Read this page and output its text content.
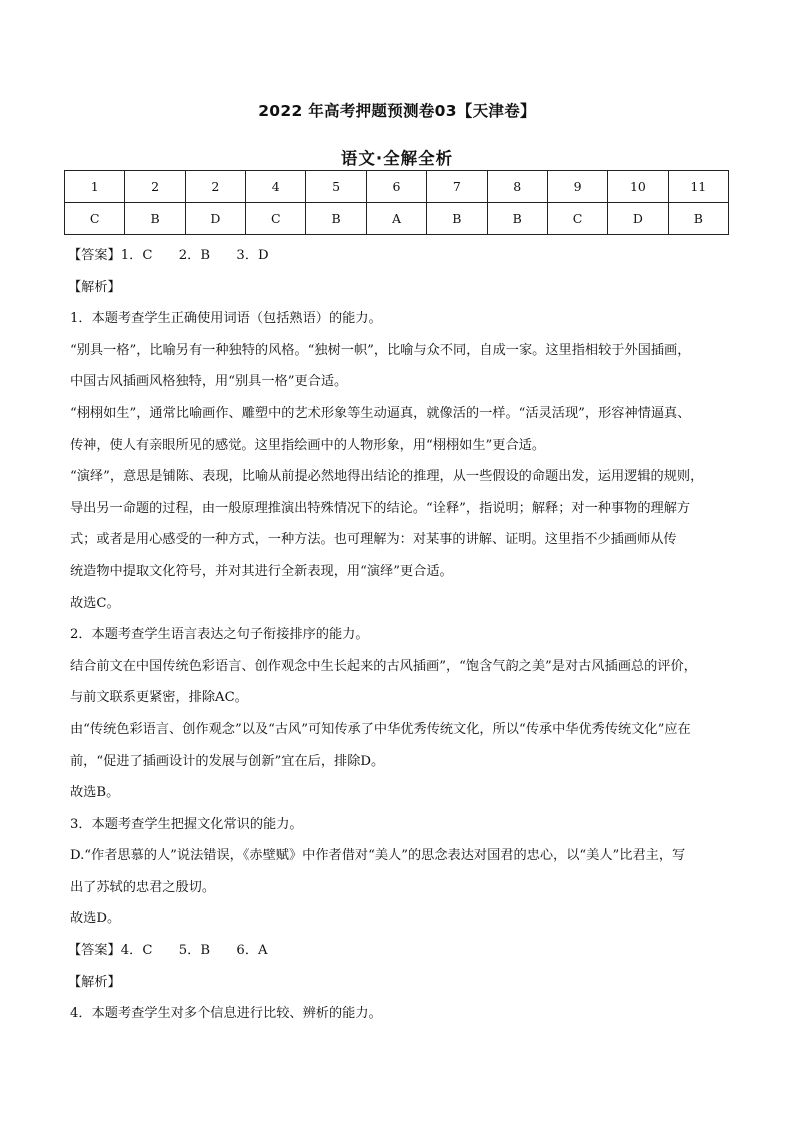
2022 年高考押题预测卷03【天津卷】
语文·全解全析
1	2	2	4	5	6	7	8	9	10	11
C	B	D	C	B	A	B	B	C	D	B
【答案】1．C　　2．B　　3．D
【解析】
1．本题考查学生正确使用词语（包括熟语）的能力。
“别具一格”，比喻另有一种独特的风格。“独树一帜”，比喻与众不同，自成一家。这里指相较于外国插画，
中国古风插画风格独特，用“别具一格”更合适。
“栩栩如生”，通常比喻画作、雕塑中的艺术形象等生动逼真，就像活的一样。“活灵活现”，形容神情逼真、
传神，使人有亲眼所见的感觉。这里指绘画中的人物形象，用“栩栩如生”更合适。
“演绎”，意思是铺陈、表现，比喻从前提必然地得出结论的推理，从一些假设的命题出发，运用逻辑的规则，
导出另一命题的过程，由一般原理推演出特殊情况下的结论。“诠释”，指说明；解释；对一种事物的理解方
式；或者是用心感受的一种方式，一种方法。也可理解为：对某事的讲解、证明。这里指不少插画师从传
统造物中提取文化符号，并对其进行全新表现，用“演绎”更合适。
故选C。
2．本题考查学生语言表达之句子衔接排序的能力。
结合前文在中国传统色彩语言、创作观念中生长起来的古风插画”，“饱含气韵之美”是对古风插画总的评价，
与前文联系更紧密，排除AC。
由“传统色彩语言、创作观念”以及“古风”可知传承了中华优秀传统文化，所以“传承中华优秀传统文化”应在
前，“促进了插画设计的发展与创新”宜在后，排除D。
故选B。
3．本题考查学生把握文化常识的能力。
D.“作者思慕的人”说法错误，《赤壁赋》中作者借对“美人”的思念表达对国君的忠心，以“美人”比君主，写
出了苏轼的忠君之殷切。
故选D。
【答案】4．C　　5．B　　6．A
【解析】
4．本题考查学生对多个信息进行比较、辨析的能力。
